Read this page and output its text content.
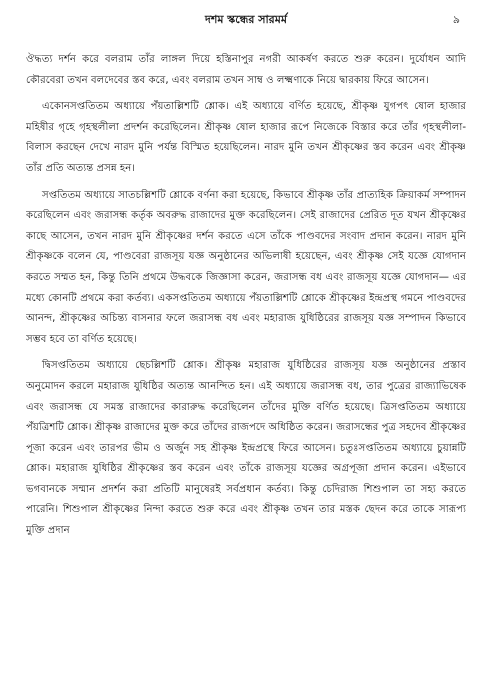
দশম স্কন্ধের সারমর্ম	৯

ঔদ্ধত্য দর্শন করে বলরাম তাঁর লাঙ্গল দিয়ে হস্তিনাপুর নগরী আকর্ষণ করতে শুরু করেন। দুর্যোধন আদি কৌরবেরা তখন বলদেবের স্তব করে, এবং বলরাম তখন সাম্ব ও লক্ষ্মণাকে নিয়ে দ্বারকায় ফিরে আসেন।

একোনসপ্ততিতম অধ্যায়ে পঁয়তাল্লিশটি শ্লোক। এই অধ্যায়ে বর্ণিত হয়েছে, শ্রীকৃষ্ণ যুগপৎ ষোল হাজার মহিষীর গৃহে গৃহস্থলীলা প্রদর্শন করেছিলেন। শ্রীকৃষ্ণ ষোল হাজার রূপে নিজেকে বিস্তার করে তাঁর গৃহস্থলীলা-বিলাস করছেন দেখে নারদ মুনি পর্যন্ত বিস্মিত হয়েছিলেন। নারদ মুনি তখন শ্রীকৃষ্ণের স্তব করেন এবং শ্রীকৃষ্ণ তাঁর প্রতি অত্যন্ত প্রসন্ন হন।

সপ্ততিতম অধ্যায়ে সাতচল্লিশটি শ্লোকে বর্ণনা করা হয়েছে, কিভাবে শ্রীকৃষ্ণ তাঁর প্রাত্যহিক ক্রিয়াকর্ম সম্পাদন করেছিলেন এবং জরাসন্ধ কর্তৃক অবরুদ্ধ রাজাদের মুক্ত করেছিলেন। সেই রাজাদের প্রেরিত দূত যখন শ্রীকৃষ্ণের কাছে আসেন, তখন নারদ মুনি শ্রীকৃষ্ণের দর্শন করতে এসে তাঁকে পাণ্ডবদের সংবাদ প্রদান করেন। নারদ মুনি শ্রীকৃষ্ণকে বলেন যে, পাণ্ডবেরা রাজসূয় যজ্ঞ অনুষ্ঠানের অভিলাষী হয়েছেন, এবং শ্রীকৃষ্ণ সেই যজ্ঞে যোগদান করতে সম্মত হন, কিন্তু তিনি প্রথমে উদ্ধবকে জিজ্ঞাসা করেন, জরাসন্ধ বধ এবং রাজসূয় যজ্ঞে যোগদান— এর মধ্যে কোনটি প্রথমে করা কর্তব্য। একসপ্ততিতম অধ্যায়ে পঁয়তাল্লিশটি শ্লোকে শ্রীকৃষ্ণের ইন্দ্রপ্রস্থ গমনে পাণ্ডবদের আনন্দ, শ্রীকৃষ্ণের অচিন্ত্য বাসনার ফলে জরাসন্ধ বধ এবং মহারাজ যুধিষ্ঠিরের রাজসূয় যজ্ঞ সম্পাদন কিভাবে সম্ভব হবে তা বর্ণিত হয়েছে।

দ্বিসপ্ততিতম অধ্যায়ে ছেচল্লিশটি শ্লোক। শ্রীকৃষ্ণ মহারাজ যুধিষ্ঠিরের রাজসূয় যজ্ঞ অনুষ্ঠানের প্রস্তাব অনুমোদন করলে মহারাজ যুধিষ্ঠির অত্যন্ত আনন্দিত হন। এই অধ্যায়ে জরাসন্ধ বধ, তার পুত্রের রাজ্যাভিষেক এবং জরাসন্ধ যে সমস্ত রাজাদের কারারুদ্ধ করেছিলেন তাঁদের মুক্তি বর্ণিত হয়েছে। ত্রিসপ্ততিতম অধ্যায়ে পঁয়ত্রিশটি শ্লোক। শ্রীকৃষ্ণ রাজাদের মুক্ত করে তাঁদের রাজপদে অধিষ্ঠিত করেন। জরাসন্ধের পুত্র সহদেব শ্রীকৃষ্ণের পূজা করেন এবং তারপর ভীম ও অর্জুন সহ শ্রীকৃষ্ণ ইন্দ্রপ্রস্থে ফিরে আসেন। চতুঃসপ্ততিতম অধ্যায়ে চুয়ান্নটি শ্লোক। মহারাজ যুধিষ্ঠির শ্রীকৃষ্ণের স্তব করেন এবং তাঁকে রাজসূয় যজ্ঞের অগ্রপূজা প্রদান করেন। এইভাবে ভগবানকে সম্মান প্রদর্শন করা প্রতিটি মানুষেরই সর্বপ্রধান কর্তব্য। কিন্তু চেদিরাজ শিশুপাল তা সহ্য করতে পারেনি। শিশুপাল শ্রীকৃষ্ণের নিন্দা করতে শুরু করে এবং শ্রীকৃষ্ণ তখন তার মস্তক ছেদন করে তাকে সারূপ্য মুক্তি প্রদান
